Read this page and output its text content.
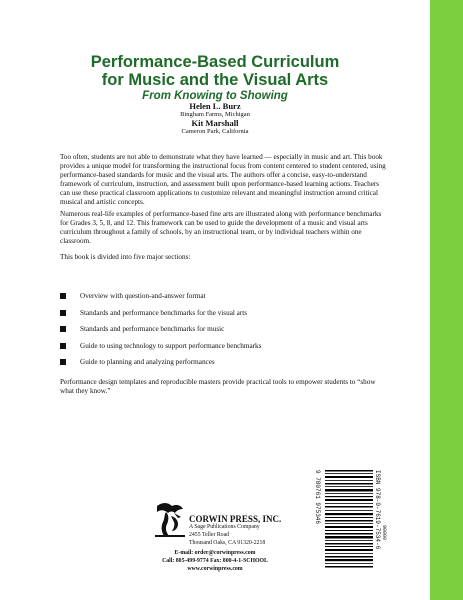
Performance-Based Curriculum
for Music and the Visual Arts
From Knowing to Showing
Helen L. Burz
Bingham Farms, Michigan
Kit Marshall
Cameron Park, California

Too often, students are not able to demonstrate what they have learned — especially in music and art. This book provides a unique model for transforming the instructional focus from content centered to student centered, using performance-based standards for music and the visual arts. The authors offer a concise, easy-to-understand framework of curriculum, instruction, and assessment built upon performance-based learning actions. Teachers can use these practical classroom applications to customize relevant and meaningful instruction around critical musical and artistic concepts.

Numerous real-life examples of performance-based fine arts are illustrated along with performance benchmarks for Grades 3, 5, 8, and 12. This framework can be used to guide the development of a music and visual arts curriculum throughout a family of schools, by an instructional team, or by individual teachers within one classroom.

This book is divided into five major sections:

Overview with question-and-answer format
Standards and performance benchmarks for the visual arts
Standards and performance benchmarks for music
Guide to using technology to support performance benchmarks
Guide to planning and analyzing performances

Performance design templates and reproducible masters provide practical tools to empower students to “show what they know.”

ISBN 978-0-7619-7534-6
9 780761 975346
90000
CORWIN PRESS, INC.
A Sage Publications Company
2455 Teller Road
Thousand Oaks, CA 91320-2218
E-mail: order@corwinpress.com
Call: 805-499-9774 Fax: 800-4-1-SCHOOL
www.corwinpress.com
